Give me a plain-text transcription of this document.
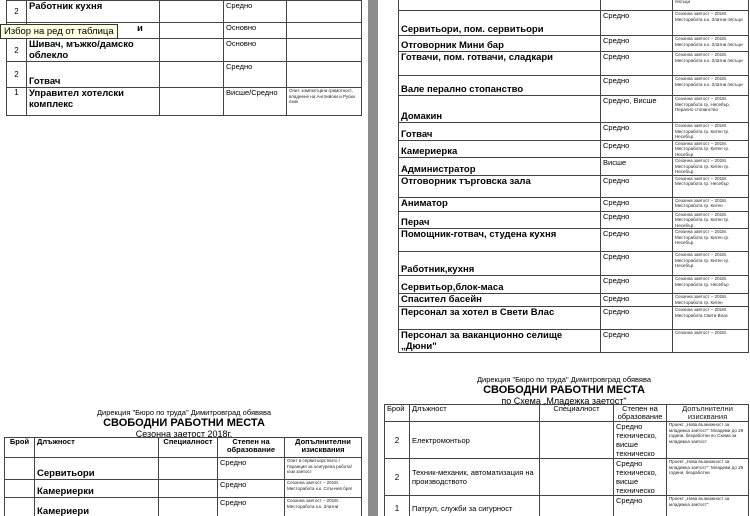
2	Работник кухня		Средно	
	и		Основно	
2	Шивач, мъжко/дамско облекло		Основно	
2	Готвач		Средно	
1	Управител хотелски комплекс		Висше/Средно	Опит, компютърна грамотност, владеене на Английски и Руски език
Избор на ред от таблица
Дирекция "Бюро по труда" Димитровград обявява
СВОБОДНИ РАБОТНИ МЕСТА
Сезонна заетост 2018г.
Брой	Длъжност	Специалност	Степен на образование	Допълнителни изисквания
	Сервитьори		Средно	Опит в сервитьорството /Гаранция за осигурена работа/ към заетост
	Камериерки		Средно	Сезонна заетост – 2018г. Месторабота к.к. Слънчев бряг
	Камериери		Средно	Сезонна заетост – 2018г. Месторабота к.к. Златни
		пясъци
Сервитьори, пом. сервитьори	Средно	Сезонна заетост – 2018г. Месторабота к.к. Златни пясъци
Отговорник Мини бар	Средно	Сезонна заетост – 2018г. Месторабота к.к. Златни пясъци
Готвачи, пом. готвачи, сладкари	Средно	Сезонна заетост – 2018г. Месторабота к.к. Златни пясъци
Вале перално стопанство	Средно	Сезонна заетост – 2018г. Месторабота к.к. Златни пясъци
Домакин	Средно, Висше	Сезонна заетост – 2018г. Месторабота гр. Несебър, Перално стопанство
Готвач	Средно	Сезонна заетост – 2018г. Месторабота гр. Китен гр. Несебър
Камериерка	Средно	Сезонна заетост – 2018г. Месторабота гр. Китен гр. Несебър
Администратор	Висше	Сезонна заетост – 2018г. Месторабота гр. Китен гр. Несебър
Отговорник търговска зала	Средно	Сезонна заетост – 2018г. Месторабота гр. Несебър
Аниматор	Средно	Сезонна заетост – 2018г. Месторабота гр. Китен
Перач	Средно	Сезонна заетост – 2018г. Месторабота гр. Китен гр. Несебър
Помощник-готвач, студена кухня	Средно	Сезонна заетост – 2018г. Месторабота гр. Китен гр. Несебър
Работник,кухня	Средно	Сезонна заетост – 2018г. Месторабота гр. Китен гр. Несебър
Сервитьор,блок-маса	Средно	Сезонна заетост – 2018г. Месторабота гр. Несебър
Спасител басейн	Средно	Сезонна заетост – 2018г. Месторабота гр. Китен
Персонал за хотел в Свети Влас	Средно	Сезонна заетост – 2018г. Месторабота Свети Влас
Персонал за ваканционно селище „Дюни"	Средно	Сезонна заетост – 2018г.
Дирекция "Бюро по труда" Димитровград обявява
СВОБОДНИ РАБОТНИ МЕСТА
по Схема „Младежка заетост"
Брой	Длъжност	Специалност	Степен на образование	Допълнителни изисквания
2	Електромонтьор		Средно техническо, висше техническо	Проект „Нова възможност за младежка заетост": Младежи до 29 години, безработни по Схема за младежка заетост
2	Техник-механик, автоматизация на производството		Средно техническо, висше техническо	Проект „Нова възможност за младежка заетост": Младежи до 29 години, безработни
1	Патрул, служби за сигурност		Средно	Проект „Нова възможност за младежка заетост"
